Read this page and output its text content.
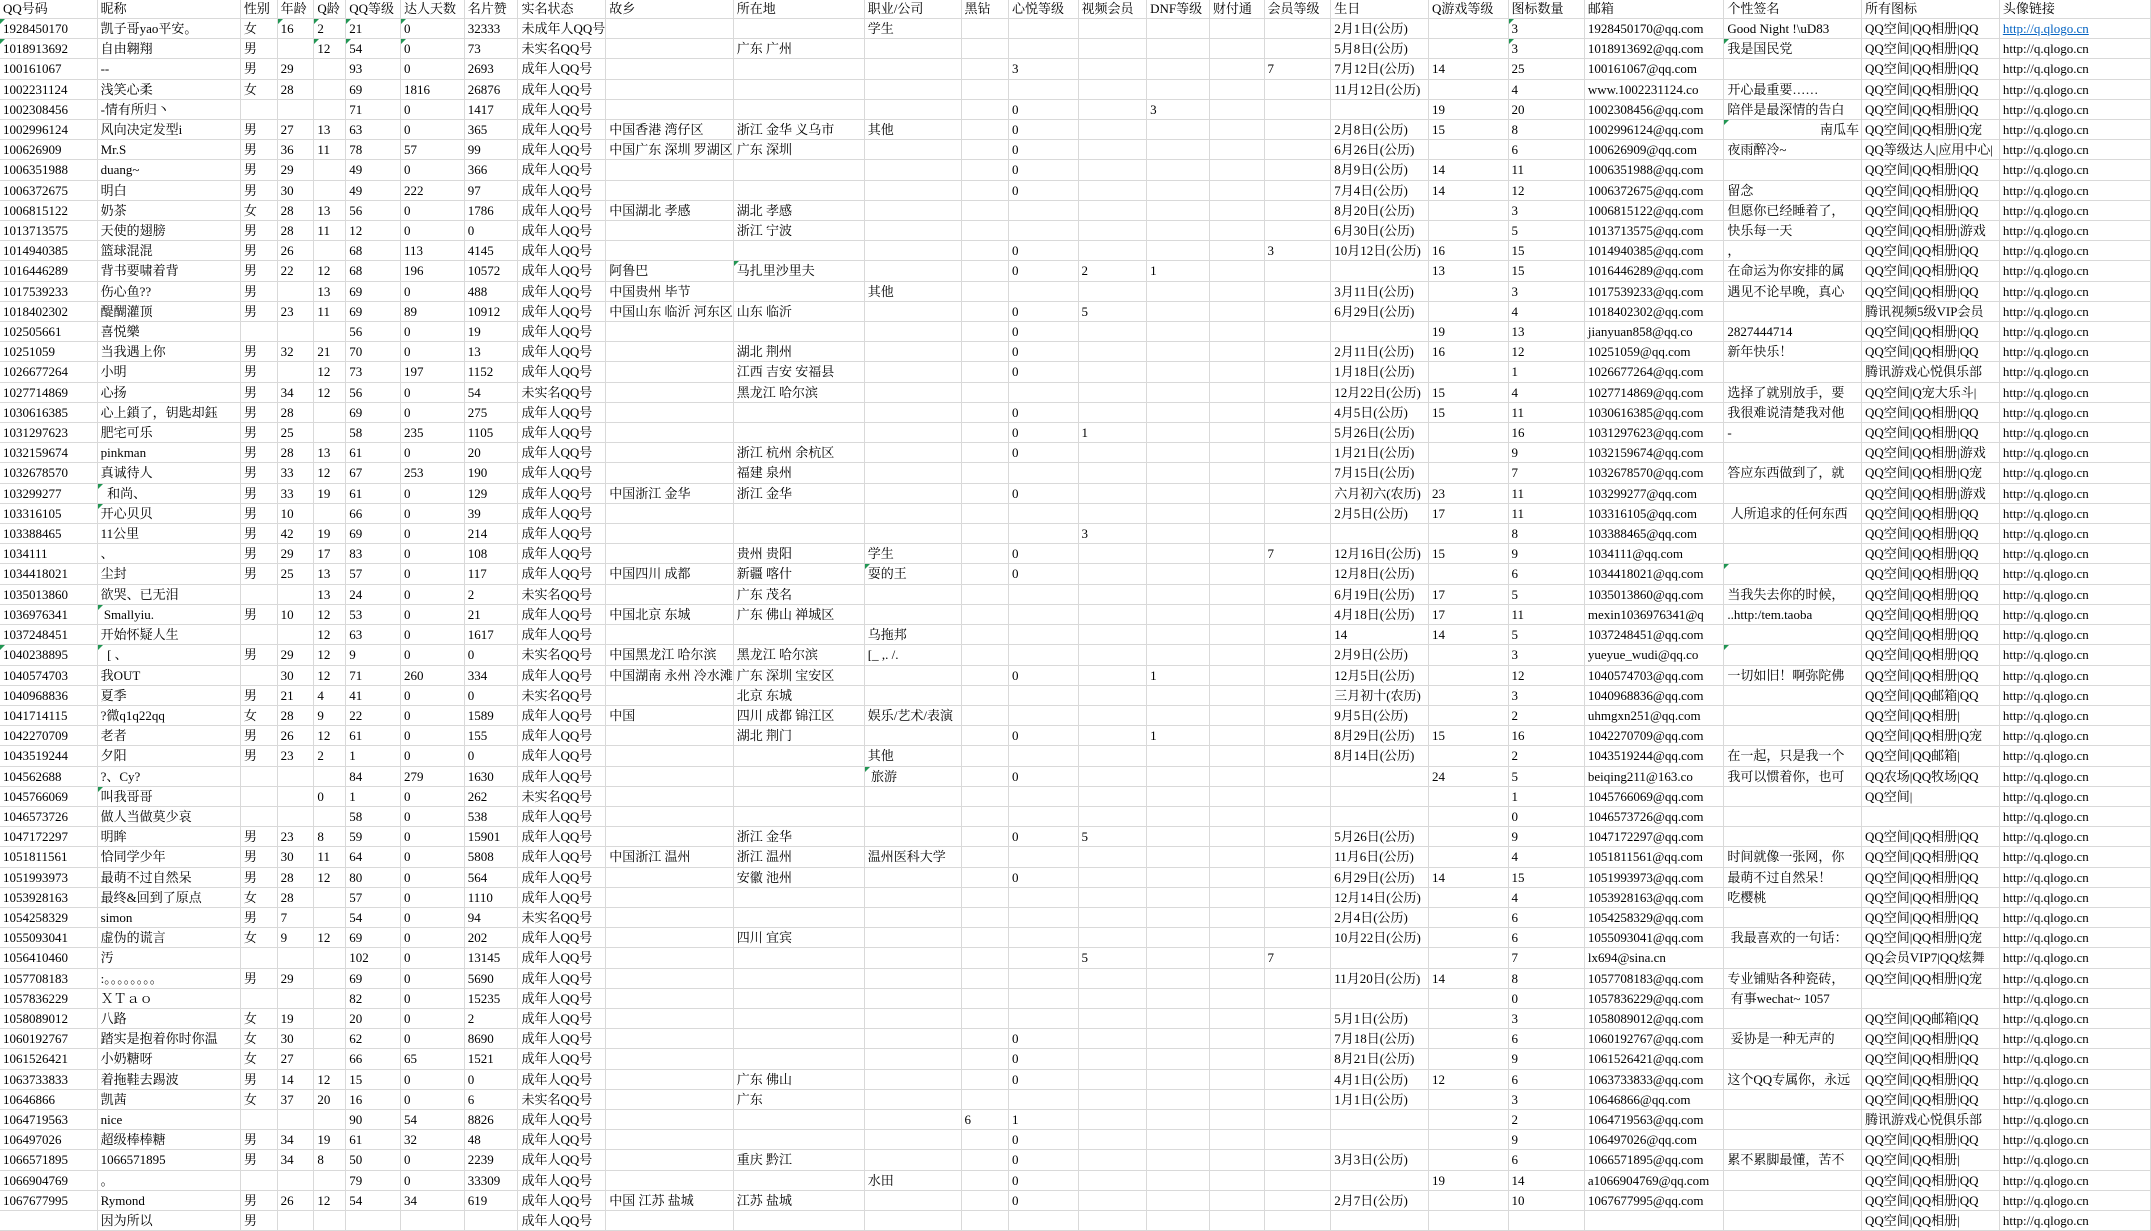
QQ号码	昵称	性别	年龄	Q龄	QQ等级	达人天数	名片赞	实名状态	故乡	所在地	职业/公司	黑钻	心悦等级	视频会员	DNF等级	财付通	会员等级	生日	Q游戏等级	图标数量	邮箱	个性签名	所有图标	头像链接
1928450170	凯子哥yao平安。	女	16	2	21	0	32333	未成年人QQ号			学生							2月1日(公历)		3	1928450170@qq.com	Good Night !\uD83	QQ空间|QQ相册|QQ	http://q.qlogo.cn
1018913692	自由翱翔	男		12	54	0	73	未实名QQ号		广东 广州								5月8日(公历)		3	1018913692@qq.com	我是国民党	QQ空间|QQ相册|QQ	http://q.qlogo.cn
100161067	--	男	29		93	0	2693	成年人QQ号					3				7	7月12日(公历)	14	25	100161067@qq.com		QQ空间|QQ相册|QQ	http://q.qlogo.cn
1002231124	浅笑心柔	女	28		69	1816	26876	成年人QQ号										11月12日(公历)		4	www.1002231124.co	开心最重要……	QQ空间|QQ相册|QQ	http://q.qlogo.cn
1002308456	-情有所归丶				71	0	1417	成年人QQ号					0		3				19	20	1002308456@qq.com	陪伴是最深情的告白	QQ空间|QQ相册|QQ	http://q.qlogo.cn
1002996124	风向决定发型i	男	27	13	63	0	365	成年人QQ号	中国香港 湾仔区	浙江 金华 义乌市	其他		0					2月8日(公历)	15	8	1002996124@qq.com	南瓜车	QQ空间|QQ相册|Q宠	http://q.qlogo.cn
100626909	Mr.S	男	36	11	78	57	99	成年人QQ号	中国广东 深圳 罗湖区	广东 深圳			0					6月26日(公历)		6	100626909@qq.com	夜雨醉冷~	QQ等级达人|应用中心|	http://q.qlogo.cn
1006351988	duang~	男	29		49	0	366	成年人QQ号					0					8月9日(公历)	14	11	1006351988@qq.com		QQ空间|QQ相册|QQ	http://q.qlogo.cn
1006372675	明白	男	30		49	222	97	成年人QQ号					0					7月4日(公历)	14	12	1006372675@qq.com	留念	QQ空间|QQ相册|QQ	http://q.qlogo.cn
1006815122	奶茶	女	28	13	56	0	1786	成年人QQ号	中国湖北 孝感	湖北 孝感								8月20日(公历)		3	1006815122@qq.com	但愿你已经睡着了，	QQ空间|QQ相册|QQ	http://q.qlogo.cn
1013713575	天使的翅膀	男	28	11	12	0	0	成年人QQ号		浙江 宁波								6月30日(公历)		5	1013713575@qq.com	快乐每一天	QQ空间|QQ相册|游戏	http://q.qlogo.cn
1014940385	篮球混混	男	26		68	113	4145	成年人QQ号					0				3	10月12日(公历)	16	15	1014940385@qq.com	，	QQ空间|QQ相册|QQ	http://q.qlogo.cn
1016446289	背书要啸着背	男	22	12	68	196	10572	成年人QQ号	阿鲁巴	马扎里沙里夫			0	2	1				13	15	1016446289@qq.com	在命运为你安排的属	QQ空间|QQ相册|QQ	http://q.qlogo.cn
1017539233	伤心鱼??	男		13	69	0	488	成年人QQ号	中国贵州 毕节		其他							3月11日(公历)		3	1017539233@qq.com	遇见不论早晚，真心	QQ空间|QQ相册|QQ	http://q.qlogo.cn
1018402302	醍醐灌顶	男	23	11	69	89	10912	成年人QQ号	中国山东 临沂 河东区	山东 临沂			0	5				6月29日(公历)		4	1018402302@qq.com		腾讯视频5级VIP会员	http://q.qlogo.cn
102505661	喜悦樂				56	0	19	成年人QQ号					0						19	13	jianyuan858@qq.co	2827444714	QQ空间|QQ相册|QQ	http://q.qlogo.cn
10251059	当我遇上你	男	32	21	70	0	13	成年人QQ号		湖北 荆州			0					2月11日(公历)	16	12	10251059@qq.com	新年快乐！	QQ空间|QQ相册|QQ	http://q.qlogo.cn
1026677264	小明	男		12	73	197	1152	成年人QQ号		江西 吉安 安福县			0					1月18日(公历)		1	1026677264@qq.com		腾讯游戏心悦俱乐部	http://q.qlogo.cn
1027714869	心扬	男	34	12	56	0	54	未实名QQ号		黑龙江 哈尔滨								12月22日(公历)	15	4	1027714869@qq.com	选择了就别放手，要	QQ空间|Q宠大乐斗|	http://q.qlogo.cn
1030616385	心上鎖了，钥匙却鈺	男	28		69	0	275	成年人QQ号					0					4月5日(公历)	15	11	1030616385@qq.com	我很难说清楚我对他	QQ空间|QQ相册|QQ	http://q.qlogo.cn
1031297623	肥宅可乐	男	25		58	235	1105	成年人QQ号					0	1				5月26日(公历)		16	1031297623@qq.com	-	QQ空间|QQ相册|QQ	http://q.qlogo.cn
1032159674	pinkman	男	28	13	61	0	20	成年人QQ号		浙江 杭州 余杭区			0					1月21日(公历)		9	1032159674@qq.com		QQ空间|QQ相册|游戏	http://q.qlogo.cn
1032678570	真诚待人	男	33	12	67	253	190	成年人QQ号		福建 泉州								7月15日(公历)		7	1032678570@qq.com	答应东西做到了，就	QQ空间|QQ相册|Q宠	http://q.qlogo.cn
103299277	和尚、	男	33	19	61	0	129	成年人QQ号	中国浙江 金华	浙江 金华			0					六月初六(农历)	23	11	103299277@qq.com		QQ空间|QQ相册|游戏	http://q.qlogo.cn
103316105	开心贝贝	男	10		66	0	39	成年人QQ号										2月5日(公历)	17	11	103316105@qq.com	人所追求的任何东西	QQ空间|QQ相册|QQ	http://q.qlogo.cn
103388465	11公里	男	42	19	69	0	214	成年人QQ号						3						8	103388465@qq.com		QQ空间|QQ相册|QQ	http://q.qlogo.cn
1034111	、	男	29	17	83	0	108	成年人QQ号		贵州 贵阳	学生		0				7	12月16日(公历)	15	9	1034111@qq.com		QQ空间|QQ相册|QQ	http://q.qlogo.cn
1034418021	尘封	男	25	13	57	0	117	成年人QQ号	中国四川 成都	新疆 喀什	耍的王		0					12月8日(公历)		6	1034418021@qq.com		QQ空间|QQ相册|QQ	http://q.qlogo.cn
1035013860	欲哭、已无泪			13	24	0	2	未实名QQ号		广东 茂名								6月19日(公历)	17	5	1035013860@qq.com	当我失去你的时候，	QQ空间|QQ相册|QQ	http://q.qlogo.cn
1036976341	Smallyiu.	男	10	12	53	0	21	成年人QQ号	中国北京 东城	广东 佛山 禅城区								4月18日(公历)	17	11	mexin1036976341@q	..http:/tem.taoba	QQ空间|QQ相册|QQ	http://q.qlogo.cn
1037248451	开始怀疑人生			12	63	0	1617	成年人QQ号			乌拖邦							14	14	5	1037248451@qq.com		QQ空间|QQ相册|QQ	http://q.qlogo.cn
1040238895	[ 、	男	29	12	9	0	0	未实名QQ号	中国黑龙江 哈尔滨	黑龙江 哈尔滨	[_ ,. /.							2月9日(公历)		3	yueyue_wudi@qq.co		QQ空间|QQ相册|QQ	http://q.qlogo.cn
1040574703	我OUT		30	12	71	260	334	成年人QQ号	中国湖南 永州 冷水滩	广东 深圳 宝安区			0		1			12月5日(公历)		12	1040574703@qq.com	一切如旧！啊弥陀佛	QQ空间|QQ相册|QQ	http://q.qlogo.cn
1040968836	夏季	男	21	4	41	0	0	未实名QQ号		北京 东城								三月初十(农历)		3	1040968836@qq.com		QQ空间|QQ邮箱|QQ	http://q.qlogo.cn
1041714115	?微q1q22qq	女	28	9	22	0	1589	成年人QQ号	中国	四川 成都 锦江区	娱乐/艺术/表演							9月5日(公历)		2	uhmgxn251@qq.com		QQ空间|QQ相册|	http://q.qlogo.cn
1042270709	老者	男	26	12	61	0	155	成年人QQ号		湖北 荆门			0		1			8月29日(公历)	15	16	1042270709@qq.com		QQ空间|QQ相册|Q宠	http://q.qlogo.cn
1043519244	夕阳	男	23	2	1	0	0	成年人QQ号			其他							8月14日(公历)		2	1043519244@qq.com	在一起，只是我一个	QQ空间|QQ邮箱|	http://q.qlogo.cn
104562688	?、Cy?				84	279	1630	成年人QQ号			旅游		0						24	5	beiqing211@163.co	我可以惯着你，也可	QQ农场|QQ牧场|QQ	http://q.qlogo.cn
1045766069	叫我哥哥			0	1	0	262	未实名QQ号												1	1045766069@qq.com		QQ空间|	http://q.qlogo.cn
1046573726	做人当做莫少哀				58	0	538	成年人QQ号												0	1046573726@qq.com			http://q.qlogo.cn
1047172297	明眸	男	23	8	59	0	15901	成年人QQ号		浙江 金华			0	5				5月26日(公历)		9	1047172297@qq.com		QQ空间|QQ相册|QQ	http://q.qlogo.cn
1051811561	恰同学少年	男	30	11	64	0	5808	成年人QQ号	中国浙江 温州	浙江 温州	温州医科大学							11月6日(公历)		4	1051811561@qq.com	时间就像一张网，你	QQ空间|QQ相册|QQ	http://q.qlogo.cn
1051993973	最萌不过自然呆	男	28	12	80	0	564	成年人QQ号		安徽 池州			0					6月29日(公历)	14	15	1051993973@qq.com	最萌不过自然呆！	QQ空间|QQ相册|QQ	http://q.qlogo.cn
1053928163	最终&回到了原点	女	28		57	0	1110	成年人QQ号										12月14日(公历)		4	1053928163@qq.com	吃樱桃	QQ空间|QQ相册|QQ	http://q.qlogo.cn
1054258329	simon	男	7		54	0	94	未实名QQ号										2月4日(公历)		6	1054258329@qq.com		QQ空间|QQ相册|QQ	http://q.qlogo.cn
1055093041	虚伪的谎言	女	9	12	69	0	202	成年人QQ号		四川 宜宾								10月22日(公历)		6	1055093041@qq.com	我最喜欢的一句话：	QQ空间|QQ相册|Q宠	http://q.qlogo.cn
1056410460	汚				102	0	13145	成年人QQ号						5			7			7	lx694@sina.cn		QQ会员VIP7|QQ炫舞	http://q.qlogo.cn
1057708183	:。。。。。。。。	男	29		69	0	5690	成年人QQ号										11月20日(公历)	14	8	1057708183@qq.com	专业铺贴各种瓷砖，	QQ空间|QQ相册|Q宠	http://q.qlogo.cn
1057836229	ＸＴａｏ				82	0	15235	成年人QQ号												0	1057836229@qq.com	有事wechat~ 1057		http://q.qlogo.cn
1058089012	八路	女	19		20	0	2	成年人QQ号										5月1日(公历)		3	1058089012@qq.com		QQ空间|QQ邮箱|QQ	http://q.qlogo.cn
1060192767	踏实是抱着你时你温	女	30		62	0	8690	成年人QQ号					0					7月18日(公历)		6	1060192767@qq.com	妥协是一种无声的	QQ空间|QQ相册|QQ	http://q.qlogo.cn
1061526421	小奶糖呀	女	27		66	65	1521	成年人QQ号					0					8月21日(公历)		9	1061526421@qq.com		QQ空间|QQ相册|QQ	http://q.qlogo.cn
1063733833	着拖鞋去踢波	男	14	12	15	0	0	成年人QQ号		广东 佛山			0					4月1日(公历)	12	6	1063733833@qq.com	这个QQ专属你，永远	QQ空间|QQ相册|QQ	http://q.qlogo.cn
10646866	凯茜	女	37	20	16	0	6	未实名QQ号		广东								1月1日(公历)		3	10646866@qq.com		QQ空间|QQ相册|QQ	http://q.qlogo.cn
1064719563	nice				90	54	8826	成年人QQ号				6	1							2	1064719563@qq.com		腾讯游戏心悦俱乐部	http://q.qlogo.cn
106497026	超级棒棒糖	男	34	19	61	32	48	成年人QQ号					0							9	106497026@qq.com		QQ空间|QQ相册|QQ	http://q.qlogo.cn
1066571895	1066571895	男	34	8	50	0	2239	成年人QQ号		重庆 黔江			0					3月3日(公历)		6	1066571895@qq.com	累不累脚最懂，苦不	QQ空间|QQ相册|	http://q.qlogo.cn
1066904769	。				79	0	33309	成年人QQ号			水田		0						19	14	a1066904769@qq.com		QQ空间|QQ相册|QQ	http://q.qlogo.cn
1067677995	Rymond	男	26	12	54	34	619	成年人QQ号	中国 江苏 盐城	江苏 盐城			0					2月7日(公历)		10	1067677995@qq.com		QQ空间|QQ相册|QQ	http://q.qlogo.cn
	因为所以	男						成年人QQ号															QQ空间|QQ相册|	http://q.qlogo.cn
